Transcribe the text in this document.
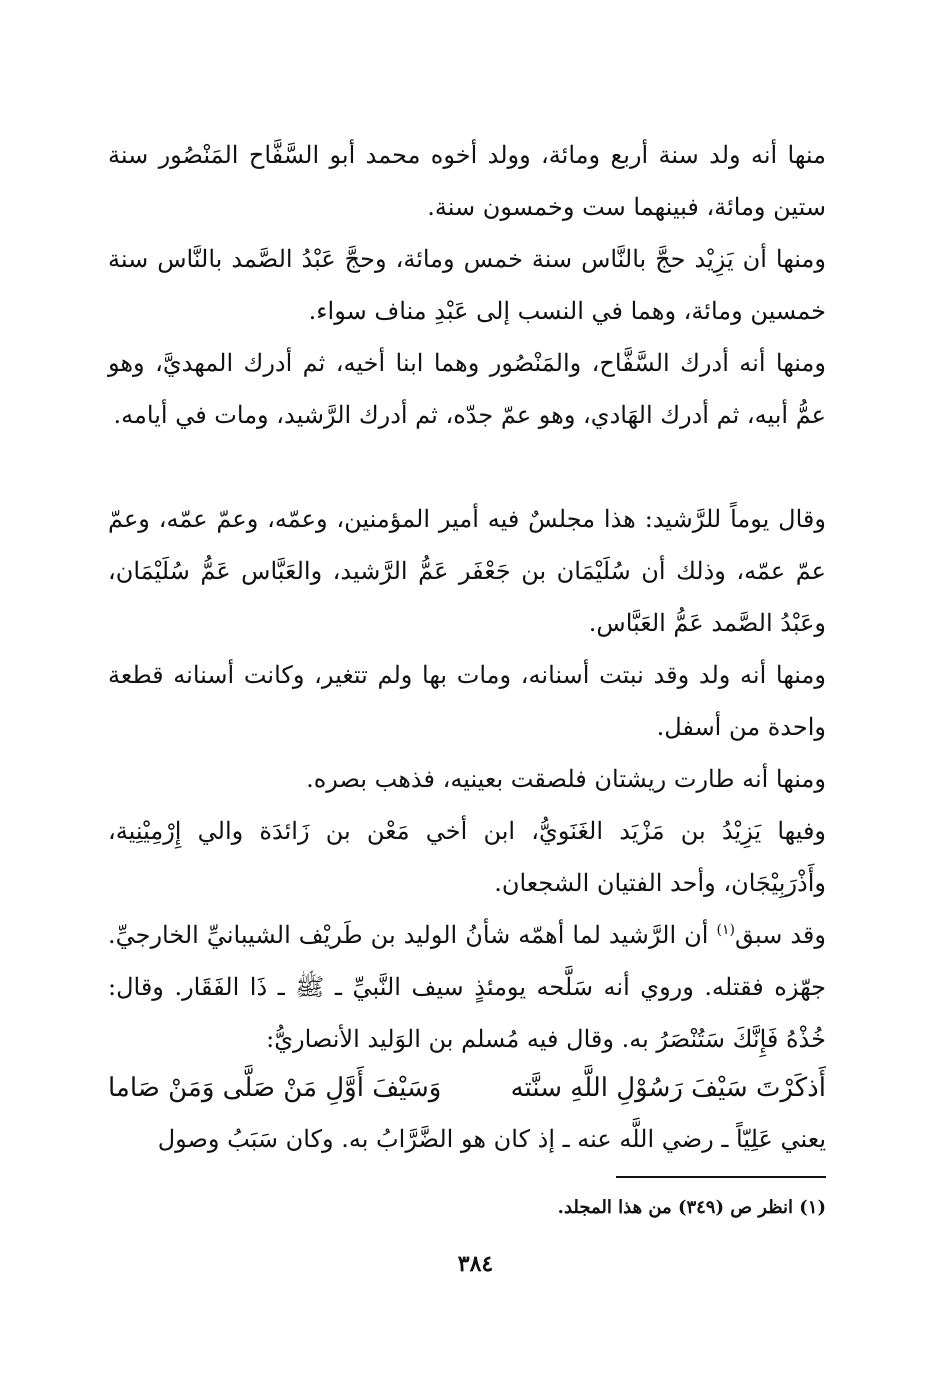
منها أنه ولد سنة أربع ومائة، وولد أخوه محمد أبو السَّفَّاح المَنْصُور سنة ستين ومائة، فبينهما ست وخمسون سنة.

ومنها أن يَزِيْد حجَّ بالنَّاس سنة خمس ومائة، وحجَّ عَبْدُ الصَّمد بالنَّاس سنة خمسين ومائة، وهما في النسب إلى عَبْدِ مناف سواء.

ومنها أنه أدرك السَّفَّاح، والمَنْصُور وهما ابنا أخيه، ثم أدرك المهديَّ، وهو عمُّ أبيه، ثم أدرك الهَادي، وهو عمّ جدّه، ثم أدرك الرَّشيد، ومات في أيامه.

وقال يوماً للرَّشيد: هذا مجلسٌ فيه أمير المؤمنين، وعمّه، وعمّ عمّه، وعمّ عمّ عمّه، وذلك أن سُلَيْمَان بن جَعْفَر عَمُّ الرَّشيد، والعَبَّاس عَمُّ سُلَيْمَان، وعَبْدُ الصَّمد عَمُّ العَبَّاس.

ومنها أنه ولد وقد نبتت أسنانه، ومات بها ولم تتغير، وكانت أسنانه قطعة واحدة من أسفل.

ومنها أنه طارت ريشتان فلصقت بعينيه، فذهب بصره.

وفيها يَزِيْدُ بن مَزْيَد الغَنَويُّ، ابن أخي مَعْن بن زَائدَة والي إِرْمِيْنِية، وأَذْرَبِيْجَان، وأحد الفتيان الشجعان.

وقد سبق$^{(١)}$ أن الرَّشيد لما أهمّه شأنُ الوليد بن طَريْف الشيبانيِّ الخارجيِّ. جهّزه فقتله. وروي أنه سَلَّحه يومئذٍ سيف النَّبيِّ ـ ﷺ ـ ذَا الفَقَار. وقال: خُذْهُ فَإِنَّكَ سَتُنْصَرُ به. وقال فيه مُسلم بن الوَليد الأنصاريُّ:

أَذكَرْتَ سَيْفَ رَسُوْلِ اللَّهِ سنَّته
وَسَيْفَ أَوَّلِ مَنْ صَلَّى وَمَنْ صَاما

يعني عَلِيّاً ـ رضي اللَّه عنه ـ إذ كان هو الضَّرَّابُ به. وكان سَبَبُ وصول

(١) انظر ص (٣٤٩) من هذا المجلد.
٣٨٤
